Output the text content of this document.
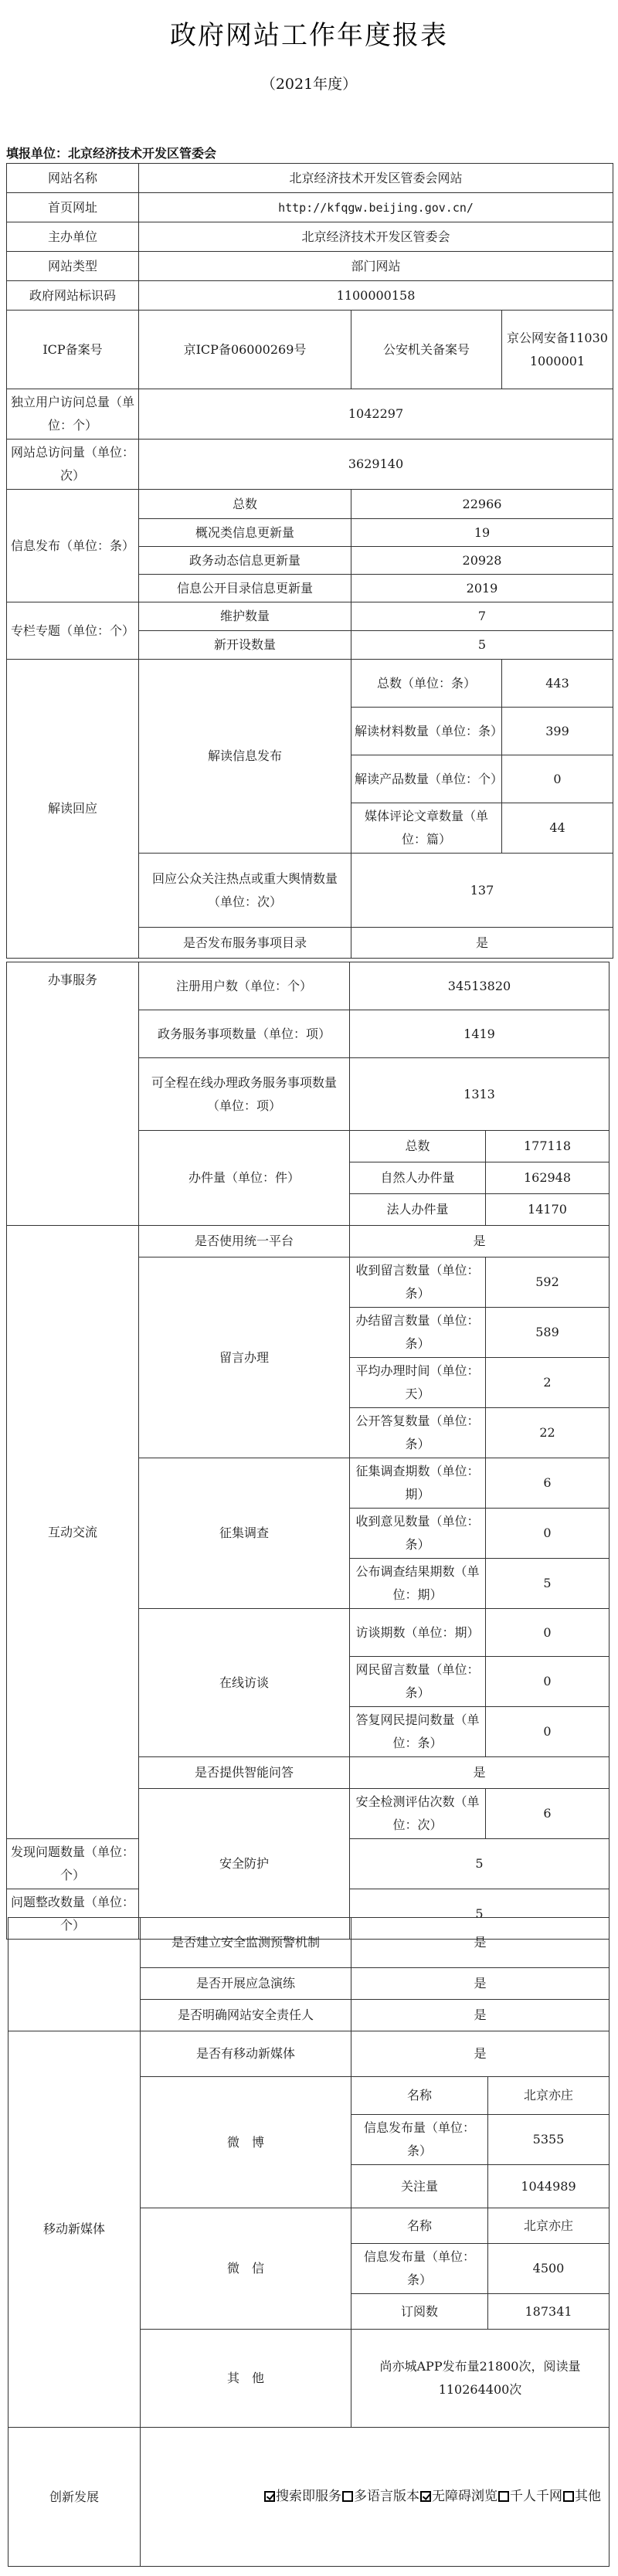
政府网站工作年度报表
（2021年度）
填报单位：北京经济技术开发区管委会
网站名称	北京经济技术开发区管委会网站		
首页网址	http://kfqgw.beijing.gov.cn/		
主办单位	北京经济技术开发区管委会		
网站类型	部门网站		
政府网站标识码	1100000158		
ICP备案号	京ICP备06000269号	公安机关备案号	京公网安备110301000001
独立用户访问总量（单位：个）	1042297		
网站总访问量（单位：次）	3629140		
信息发布（单位：条）	总数	22966	
	概况类信息更新量	19	
	政务动态信息更新量	20928	
	信息公开目录信息更新量	2019	
专栏专题（单位：个）	维护数量	7	
	新开设数量	5	
解读回应	解读信息发布	总数（单位：条）	443
		解读材料数量（单位：条）	399
		解读产品数量（单位：个）	0
		媒体评论文章数量（单位：篇）	44
	回应公众关注热点或重大舆情数量（单位：次）	137	
	是否发布服务事项目录	是	
办事服务	注册用户数（单位：个）	34513820	
	政务服务事项数量（单位：项）	1419	
	可全程在线办理政务服务事项数量（单位：项）	1313	
	办件量（单位：件）	总数	177118
		自然人办件量	162948
		法人办件量	14170
互动交流	是否使用统一平台	是	
	留言办理	收到留言数量（单位：条）	592
		办结留言数量（单位：条）	589
		平均办理时间（单位：天）	2
		公开答复数量（单位：条）	22
	征集调查	征集调查期数（单位：期）	6
		收到意见数量（单位：条）	0
		公布调查结果期数（单位：期）	5
	在线访谈	访谈期数（单位：期）	0
		网民留言数量（单位：条）	0
		答复网民提问数量（单位：条）	0
	是否提供智能问答	是	
	安全防护	安全检测评估次数（单位：次）	6
发现问题数量（单位：个）		5	
问题整改数量（单位：个）		5	
	是否建立安全监测预警机制	是	
	是否开展应急演练	是	
	是否明确网站安全责任人	是	
移动新媒体	是否有移动新媒体	是	
	微　博	名称	北京亦庄
		信息发布量（单位：条）	5355
		关注量	1044989
	微　信	名称	北京亦庄
		信息发布量（单位：条）	4500
		订阅数	187341
	其　他	尚亦城APP发布量21800次，阅读量110264400次	
创新发展	搜索即服务 多语言版本 无障碍浏览 千人千网 其他		
